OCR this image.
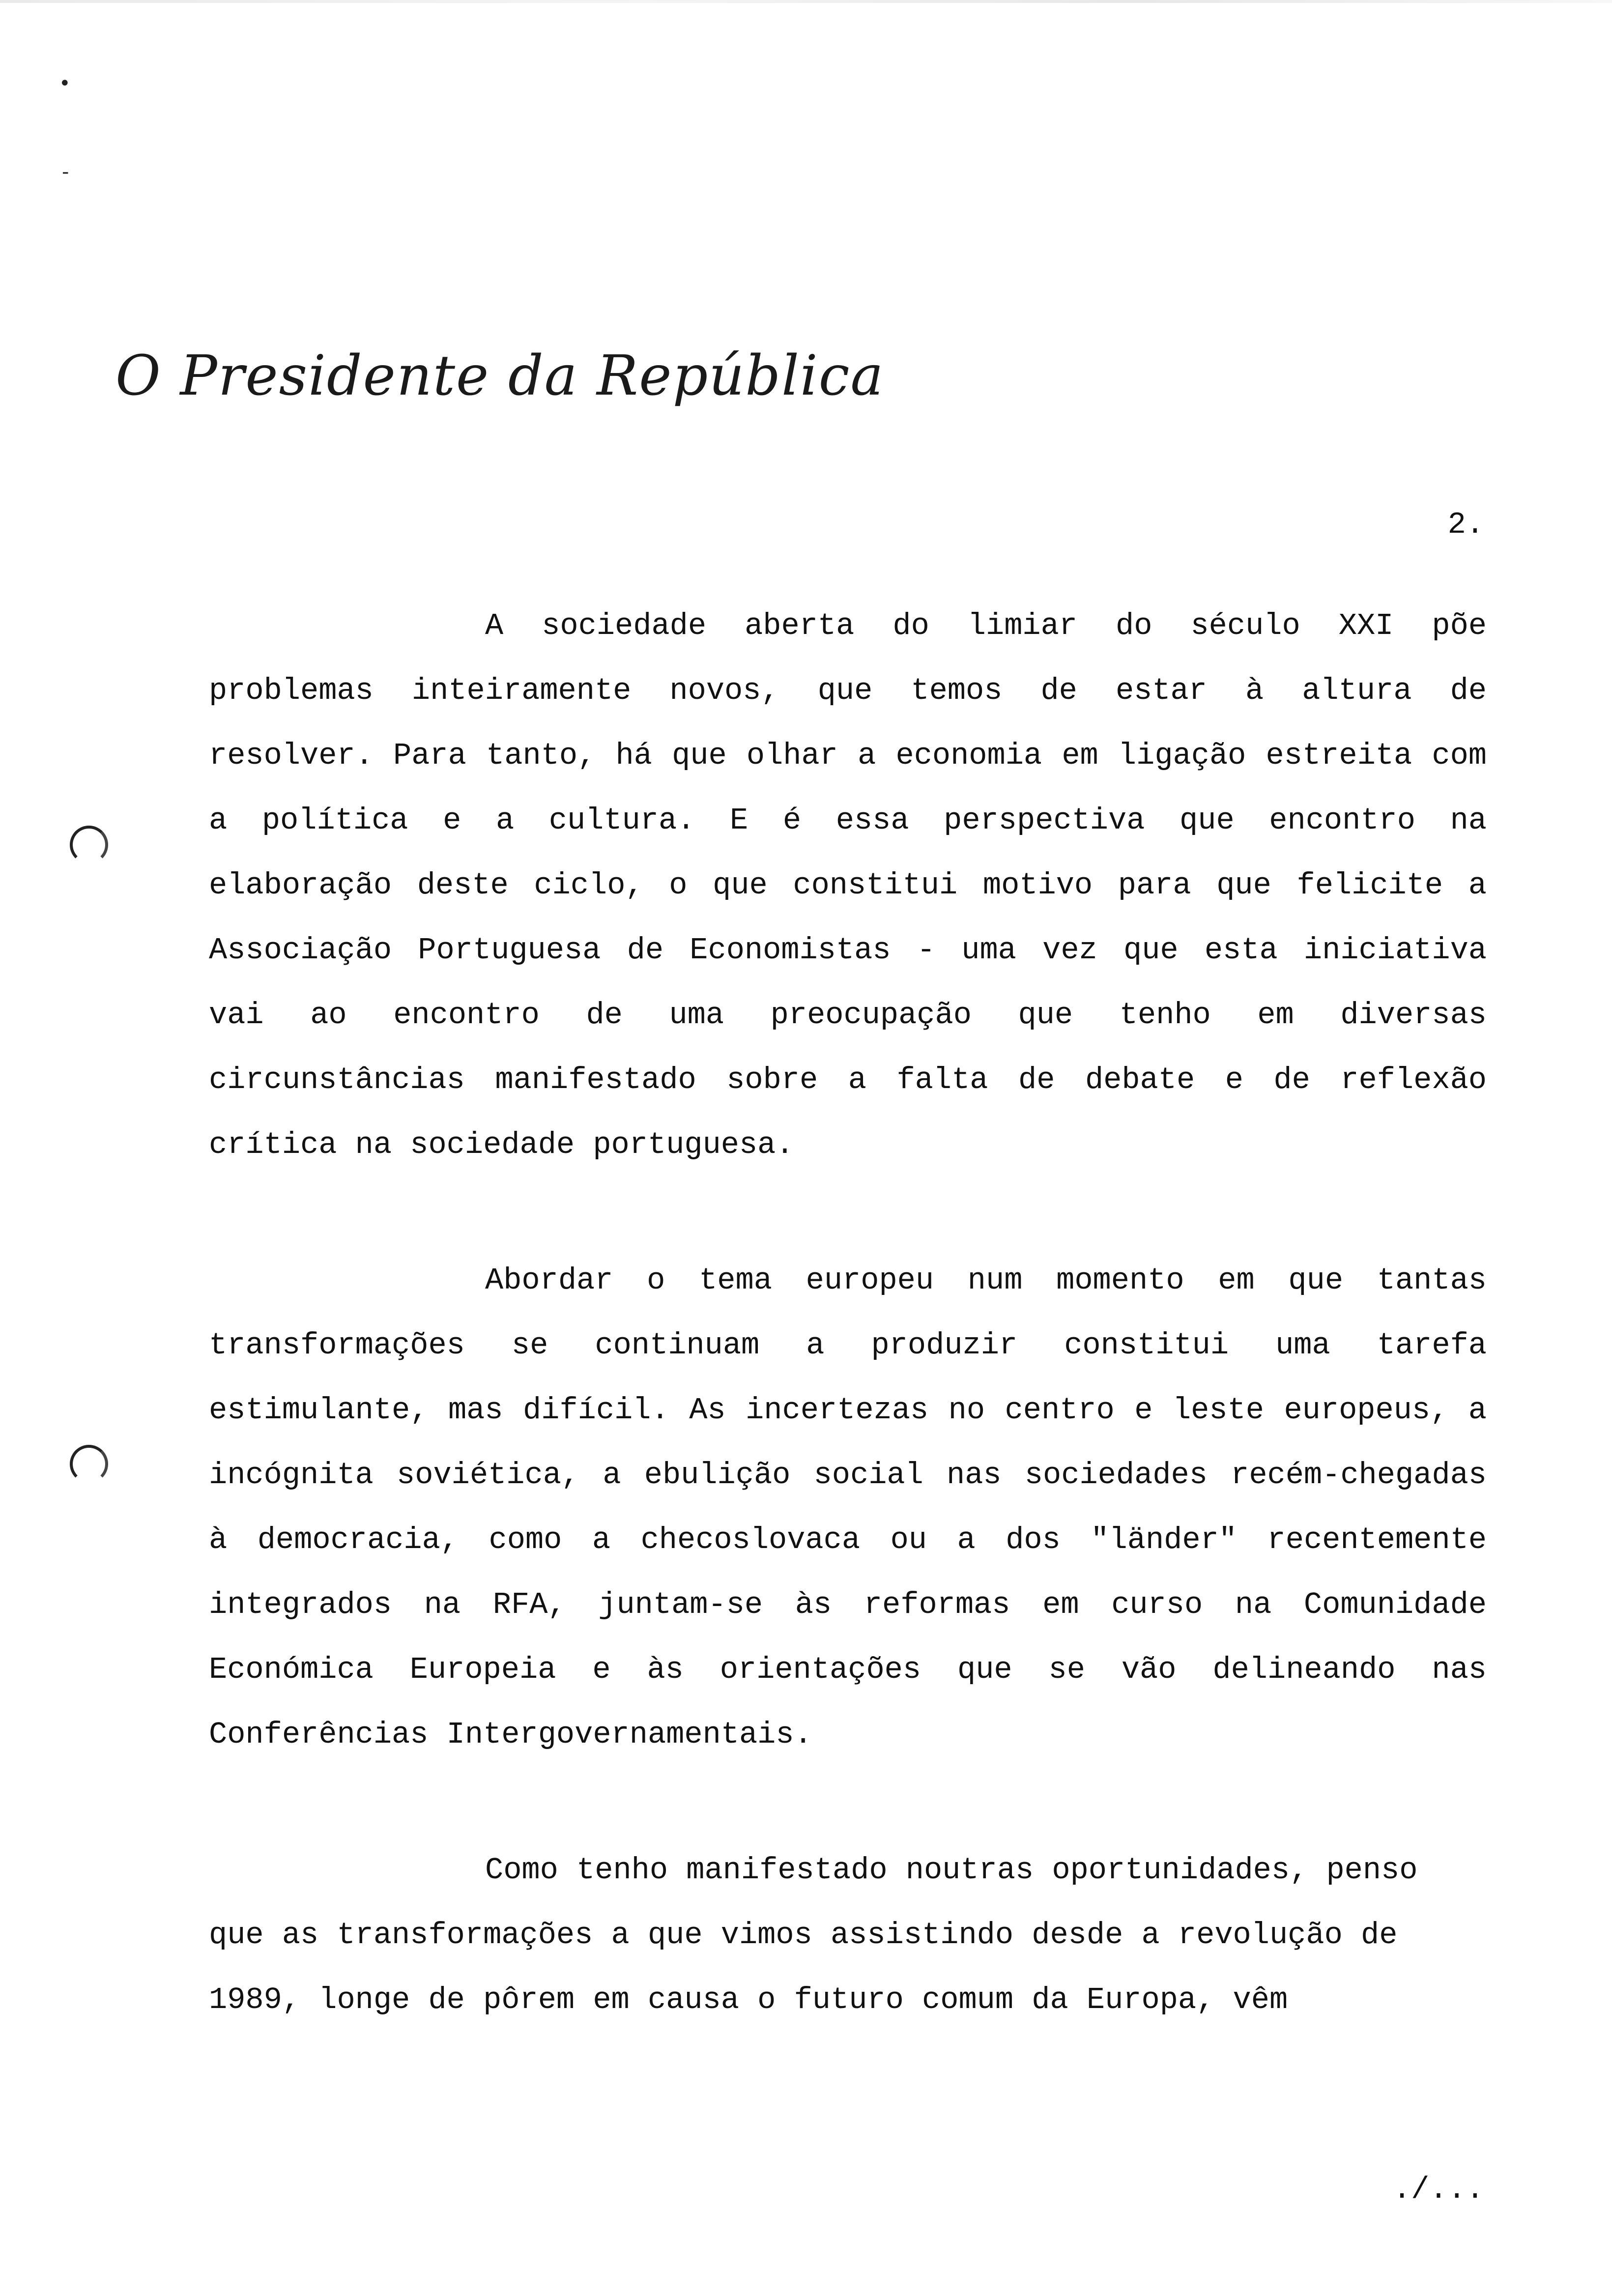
•
-
O Presidente da República
2.

A sociedade aberta do limiar do século XXI põe problemas inteiramente novos, que temos de estar à altura de resolver. Para tanto, há que olhar a economia em ligação estreita com a política e a cultura. E é essa perspectiva que encontro na elaboração deste ciclo, o que constitui motivo para que felicite a Associação Portuguesa de Economistas - uma vez que esta iniciativa vai ao encontro de uma preocupação que tenho em diversas circunstâncias manifestado sobre a falta de debate e de reflexão crítica na sociedade portuguesa.

Abordar o tema europeu num momento em que tantas transformações se continuam a produzir constitui uma tarefa estimulante, mas difícil. As incertezas no centro e leste europeus, a incógnita soviética, a ebulição social nas sociedades recém-chegadas à democracia, como a checoslovaca ou a dos "länder" recentemente integrados na RFA, juntam-se às reformas em curso na Comunidade Económica Europeia e às orientações que se vão delineando nas Conferências Intergovernamentais.

Como tenho manifestado noutras oportunidades, penso que as transformações a que vimos assistindo desde a revolução de 1989, longe de pôrem em causa o futuro comum da Europa, vêm

./...
